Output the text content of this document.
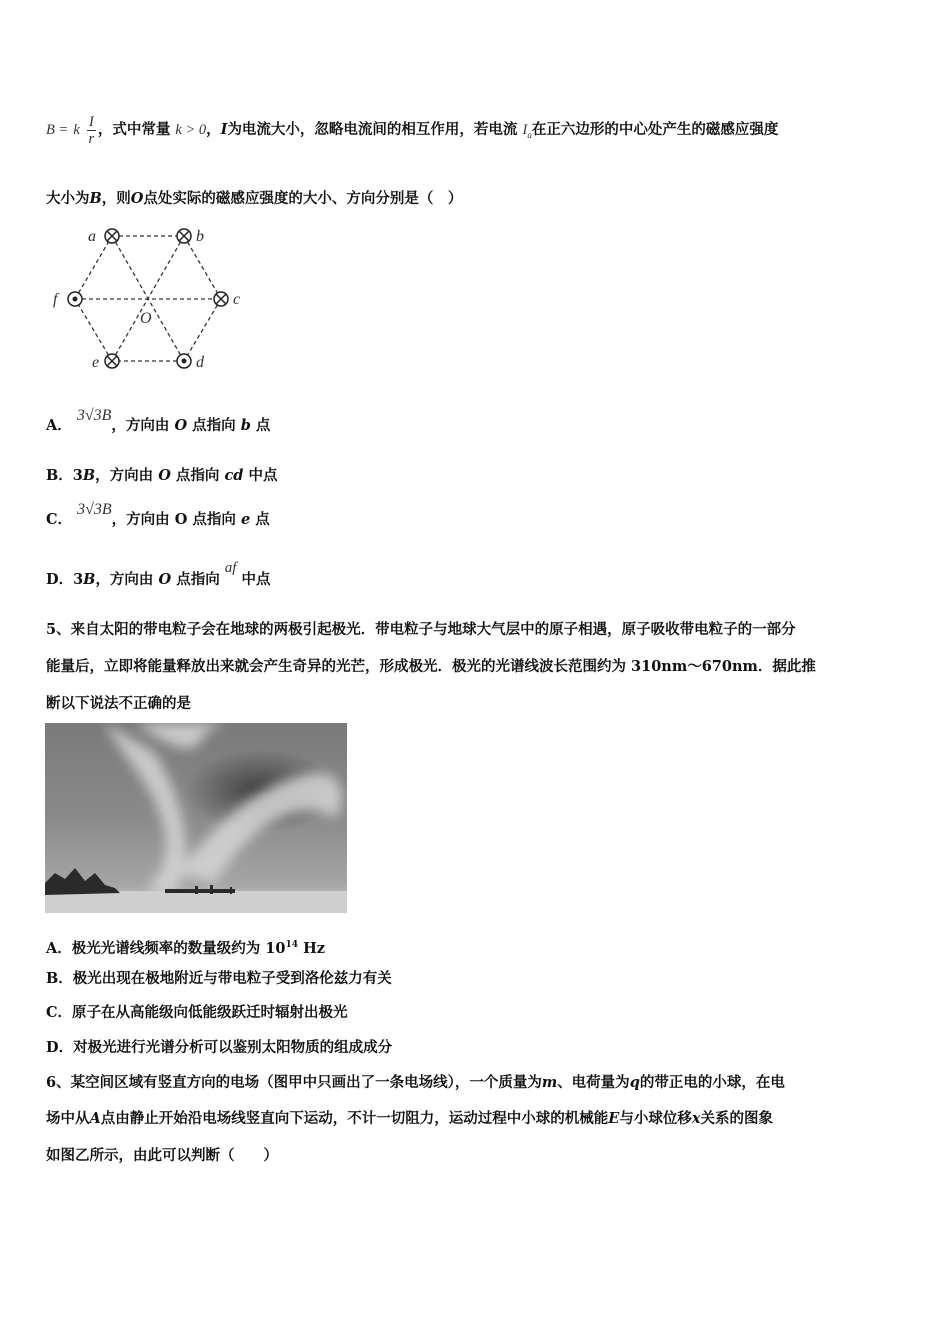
B = k $\frac{I}{r}$ ，式中常量 k > 0，I为电流大小，忽略电流间的相互作用，若电流 $I_a$在正六边形的中心处产生的磁感应强度
大小为B，则O点处实际的磁感应强度的大小、方向分别是（　）
a	b
c
d
e
f
O
A． 3√3B，方向由 O 点指向 b 点
B．3B，方向由 O 点指向 cd 中点
C． 3√3B，方向由 O 点指向 e 点
D．3B，方向由 O 点指向 af 中点
5、来自太阳的带电粒子会在地球的两极引起极光．带电粒子与地球大气层中的原子相遇，原子吸收带电粒子的一部分
能量后，立即将能量释放出来就会产生奇异的光芒，形成极光．极光的光谱线波长范围约为 310nm～670nm．据此推
断以下说法不正确的是
A．极光光谱线频率的数量级约为 $10^{14}$ Hz
B．极光出现在极地附近与带电粒子受到洛伦兹力有关
C．原子在从高能级向低能级跃迁时辐射出极光
D．对极光进行光谱分析可以鉴别太阳物质的组成成分
6、某空间区域有竖直方向的电场（图甲中只画出了一条电场线），一个质量为m、电荷量为q的带正电的小球，在电
场中从A点由静止开始沿电场线竖直向下运动，不计一切阻力，运动过程中小球的机械能E与小球位移x关系的图象
如图乙所示，由此可以判断（　　）
